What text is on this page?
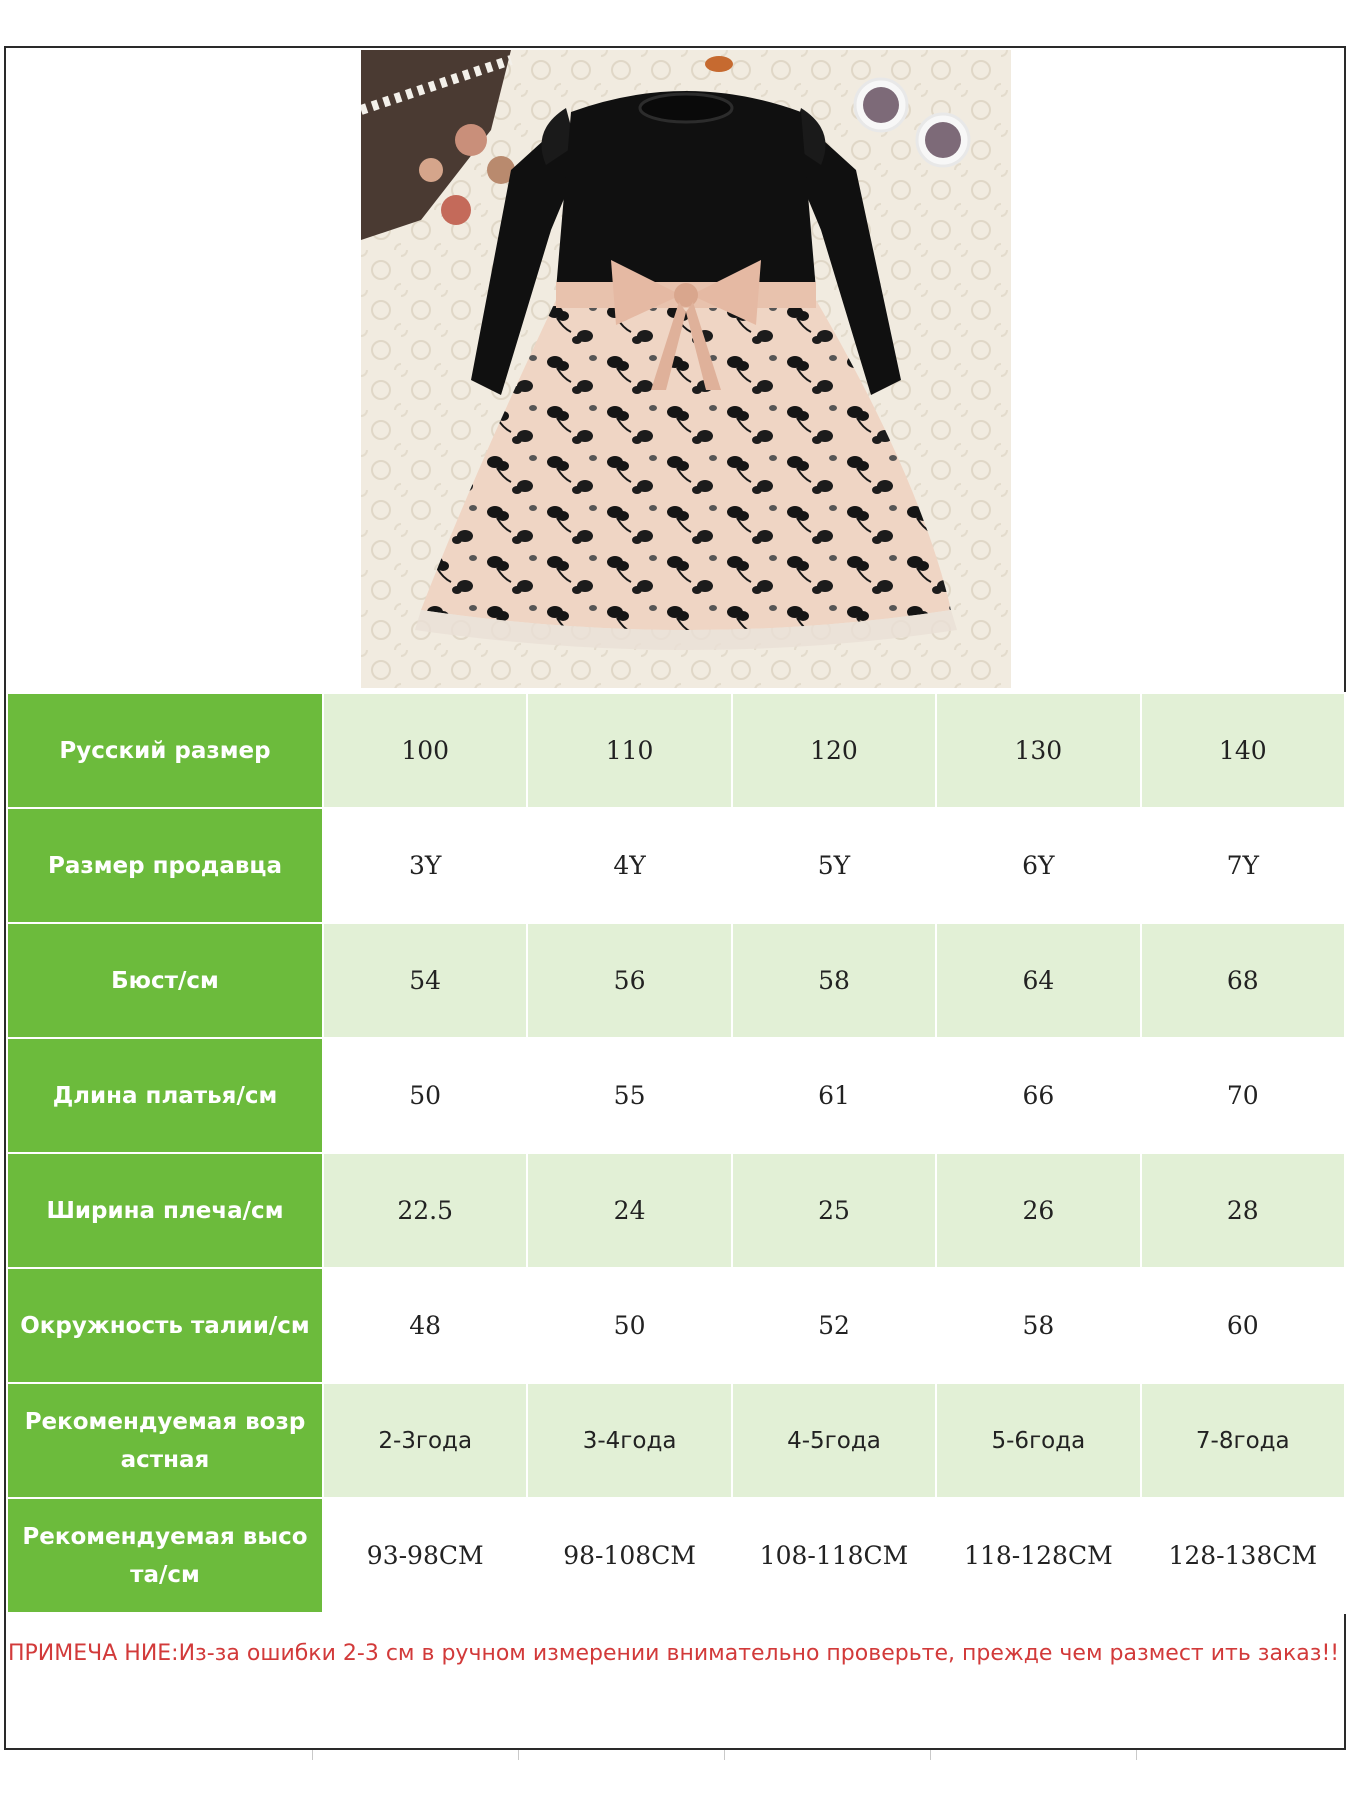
Русский размер	100	110	120	130	140
Размер продавца	3Y	4Y	5Y	6Y	7Y
Бюст/см	54	56	58	64	68
Длина платья/см	50	55	61	66	70
Ширина плеча/см	22.5	24	25	26	28
Окружность талии/см	48	50	52	58	60
Рекомендуемая возр астная	2-3года	3-4года	4-5года	5-6года	7-8года
Рекомендуемая высо та/см	93-98CM	98-108CM	108-118CM	118-128CM	128-138CM
ПРИМЕЧА НИЕ:Из-за ошибки 2-3 см в ручном измерении внимательно проверьте, прежде чем размест ить заказ!!
